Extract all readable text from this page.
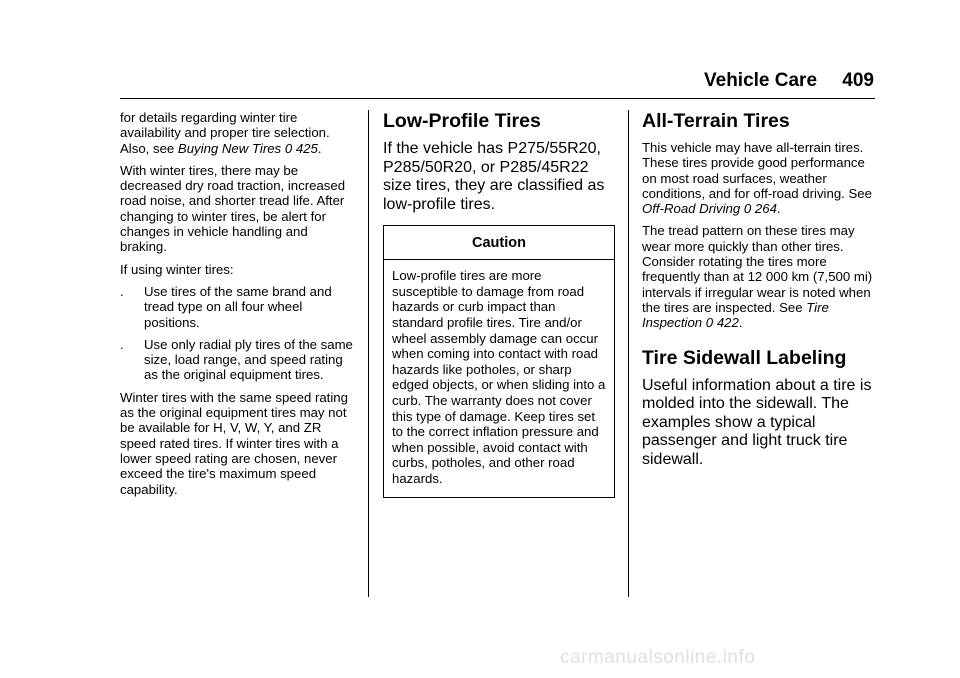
Vehicle Care 409

for details regarding winter tire availability and proper tire selection. Also, see Buying New Tires 0 425.

With winter tires, there may be decreased dry road traction, increased road noise, and shorter tread life. After changing to winter tires, be alert for changes in vehicle handling and braking.

If using winter tires:

.	Use tires of the same brand and tread type on all four wheel positions.
.	Use only radial ply tires of the same size, load range, and speed rating as the original equipment tires.

Winter tires with the same speed rating as the original equipment tires may not be available for H, V, W, Y, and ZR speed rated tires. If winter tires with a lower speed rating are chosen, never exceed the tire's maximum speed capability.

Low-Profile Tires

If the vehicle has P275/55R20, P285/50R20, or P285/45R22 size tires, they are classified as low-profile tires.

Caution
Low-profile tires are more susceptible to damage from road hazards or curb impact than standard profile tires. Tire and/or wheel assembly damage can occur when coming into contact with road hazards like potholes, or sharp edged objects, or when sliding into a curb. The warranty does not cover this type of damage. Keep tires set to the correct inflation pressure and when possible, avoid contact with curbs, potholes, and other road hazards.
All-Terrain Tires

This vehicle may have all-terrain tires. These tires provide good performance on most road surfaces, weather conditions, and for off-road driving. See Off-Road Driving 0 264.

The tread pattern on these tires may wear more quickly than other tires. Consider rotating the tires more frequently than at 12 000 km (7,500 mi) intervals if irregular wear is noted when the tires are inspected. See Tire Inspection 0 422.

Tire Sidewall Labeling

Useful information about a tire is molded into the sidewall. The examples show a typical passenger and light truck tire sidewall.

carmanualsonline.info
